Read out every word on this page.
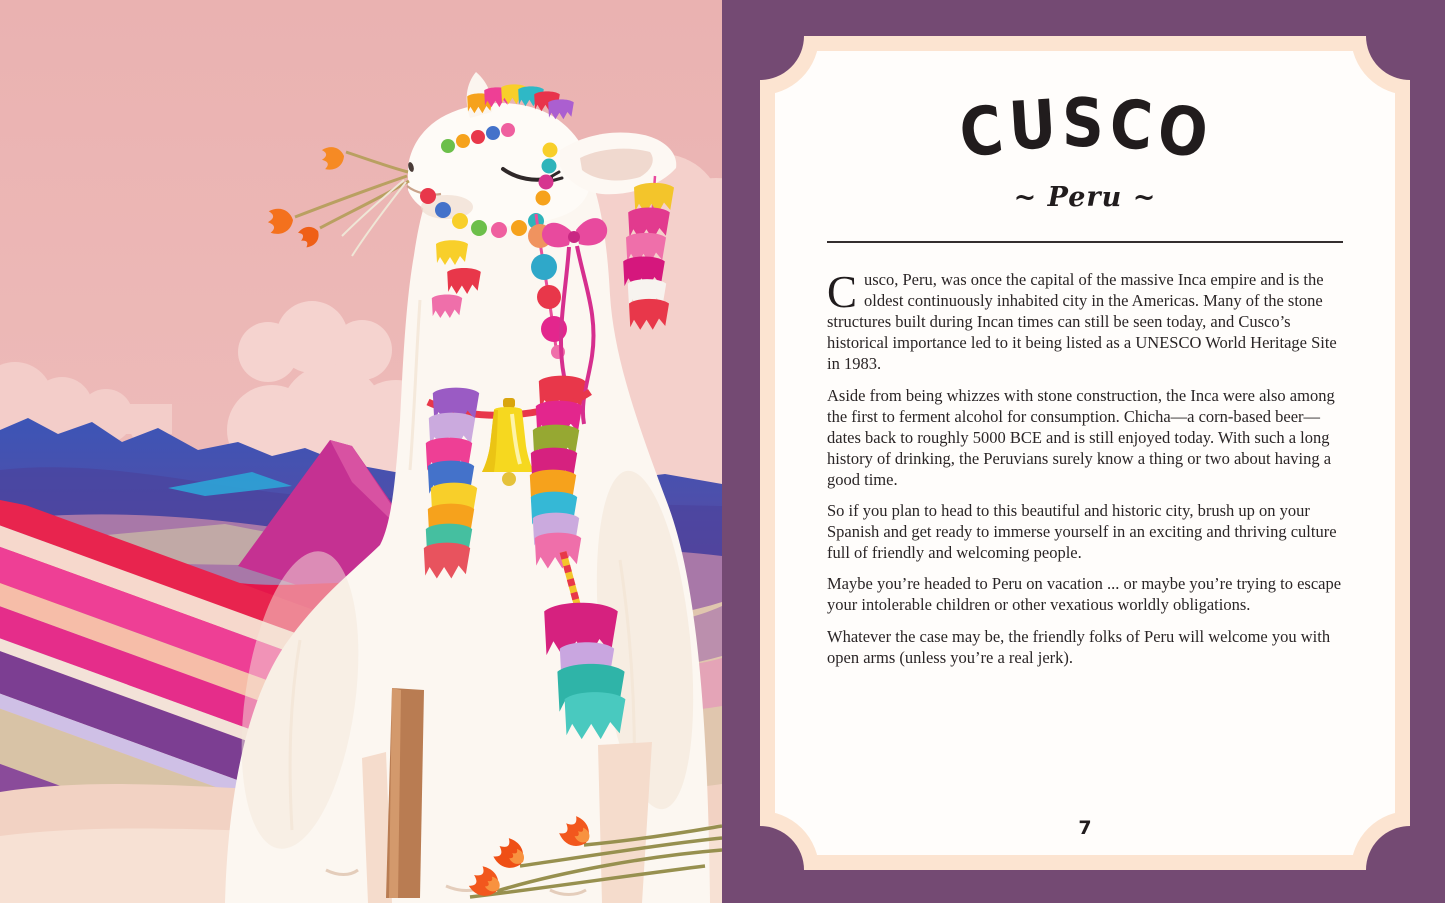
CUSCO
~ Peru ~

Cusco, Peru, was once the capital of the massive Inca empire and is the oldest continuously inhabited city in the Americas. Many of the stone structures built during Incan times can still be seen today, and Cusco’s historical importance led to it being listed as a UNESCO World Heritage Site in 1983.

Aside from being whizzes with stone construction, the Inca were also among the first to ferment alcohol for consumption. Chicha—a corn-based beer—dates back to roughly 5000 BCE and is still enjoyed today. With such a long history of drinking, the Peruvians surely know a thing or two about having a good time.

So if you plan to head to this beautiful and historic city, brush up on your Spanish and get ready to immerse yourself in an exciting and thriving culture full of friendly and welcoming people.

Maybe you’re headed to Peru on vacation ... or maybe you’re trying to escape your intolerable children or other vexatious worldly obligations.

Whatever the case may be, the friendly folks of Peru will welcome you with open arms (unless you’re a real jerk).

7
